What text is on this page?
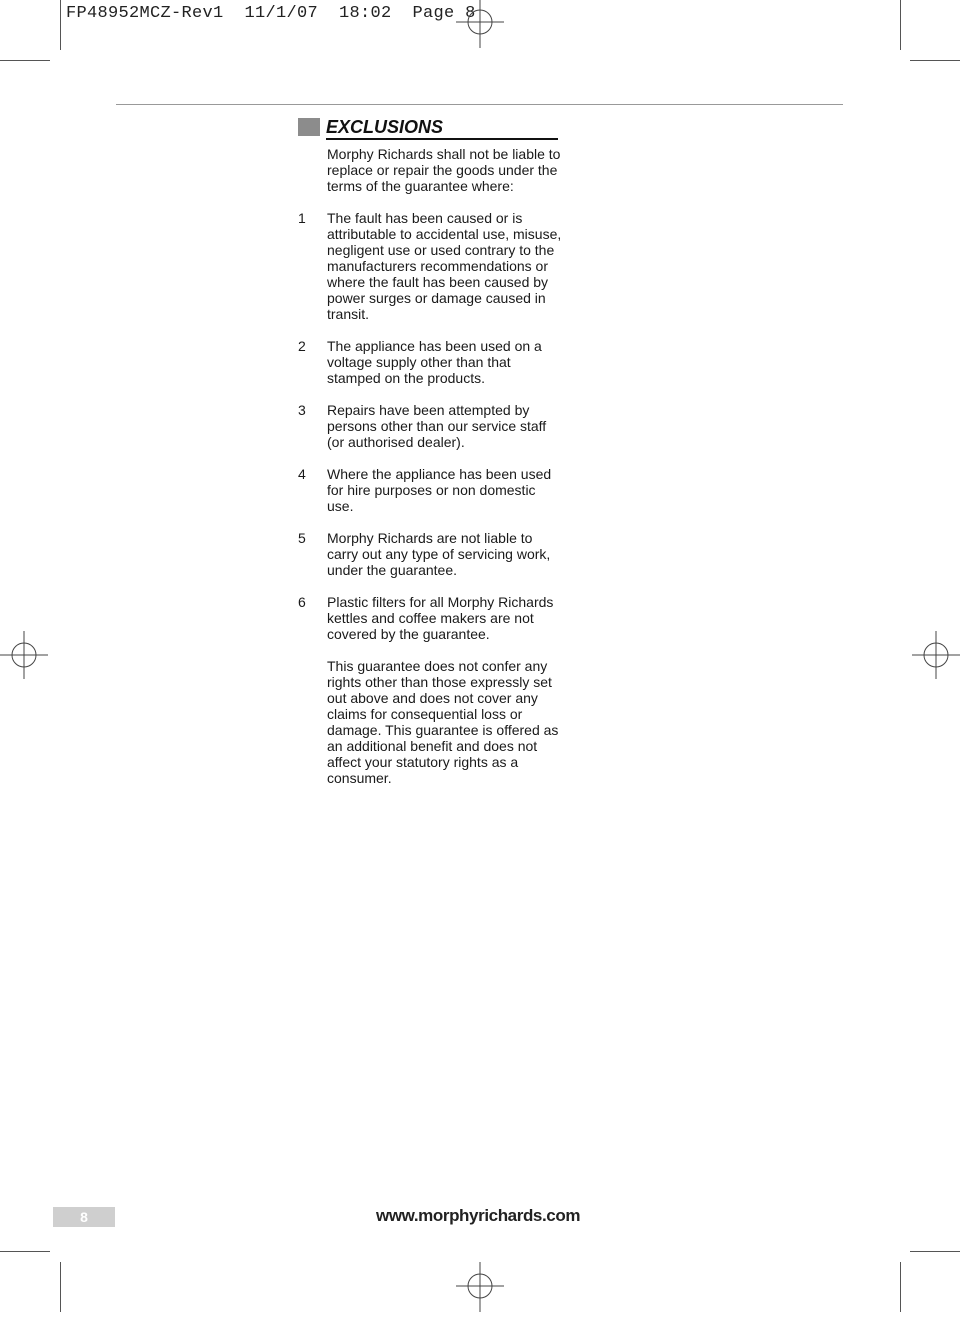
FP48952MCZ-Rev1  11/1/07  18:02  Page 8
EXCLUSIONS
Morphy Richards shall not be liable to replace or repair the goods under the terms of the guarantee where:
1 The fault has been caused or is attributable to accidental use, misuse, negligent use or used contrary to the manufacturers recommendations or where the fault has been caused by power surges or damage caused in transit.
2 The appliance has been used on a voltage supply other than that stamped on the products.
3 Repairs have been attempted by persons other than our service staff (or authorised dealer).
4 Where the appliance has been used for hire purposes or non domestic use.
5 Morphy Richards are not liable to carry out any type of servicing work, under the guarantee.
6 Plastic filters for all Morphy Richards kettles and coffee makers are not covered by the guarantee.
This guarantee does not confer any rights other than those expressly set out above and does not cover any claims for consequential loss or damage. This guarantee is offered as an additional benefit and does not affect your statutory rights as a consumer.
8	www.morphyrichards.com
